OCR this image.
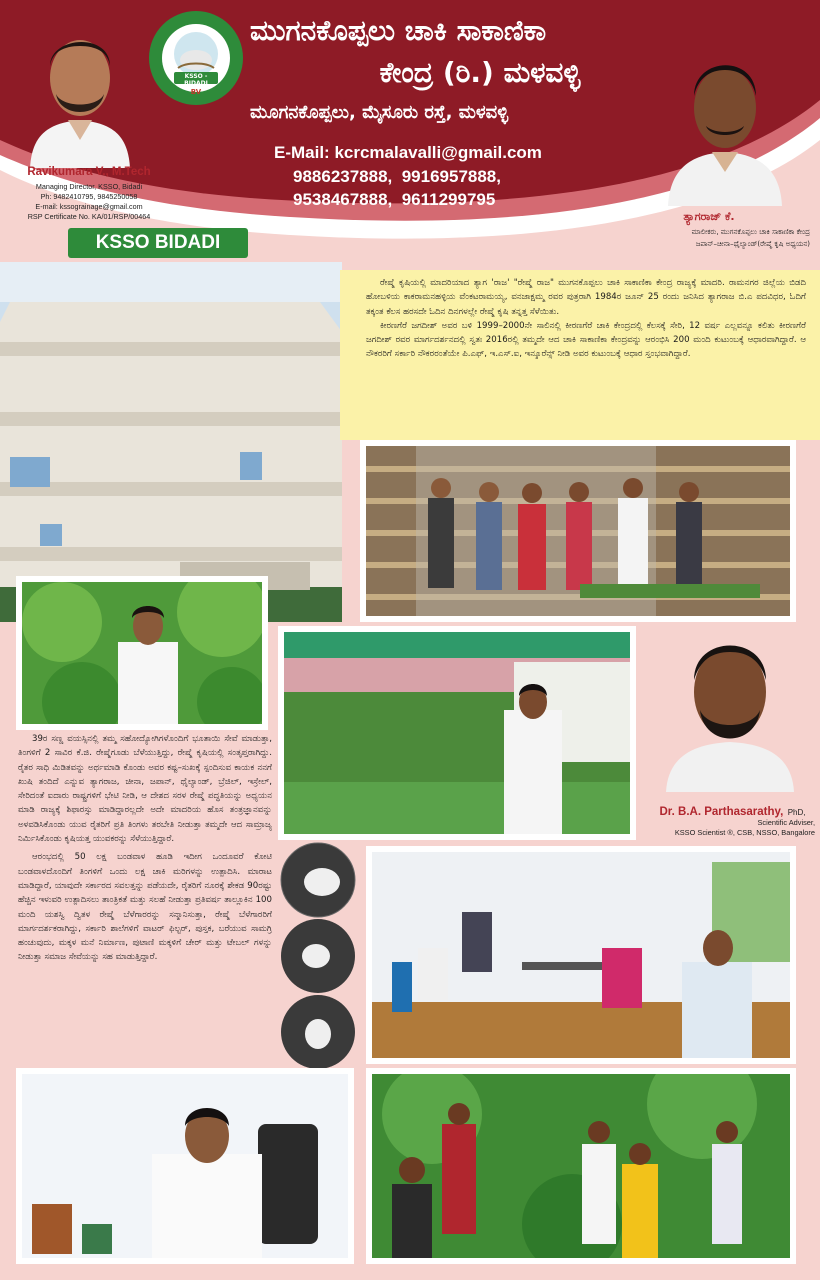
KSSO - BIDADI
BV
ಮುಗನಕೊಪ್ಪಲು ಚಾಕಿ ಸಾಕಾಣಿಕಾ
ಕೇಂದ್ರ (ರಿ.) ಮಳವಳ್ಳಿ
ಮೂಗನಕೊಪ್ಪಲು, ಮೈಸೂರು ರಸ್ತೆ, ಮಳವಳ್ಳಿ
E-Mail: kcrcmalavalli@gmail.com
9886237888,  9916957888,
9538467888,  9611299795
Ravikumara V., M.Tech
Managing Director, KSSO, Bidadi
Ph: 9482410795, 9845250058
E-mail: kssograinage@gmail.com
RSP Certificate No. KA/01/RSP/00464	ತ್ಯಾಗರಾಜ್ ಕೆ.
ಮಾಲೀಕರು, ಮುಗನಕೊಪ್ಪಲು ಚಾಕಿ ಸಾಕಾಣಿಕಾ ಕೇಂದ್ರ
ಜಪಾನ್–ಚೀನಾ–ಥೈಲ್ಯಾಂಡ್(ರೇಷ್ಮೆ ಕೃಷಿ ಅಧ್ಯಯನ)
KSSO BIDADI

ರೇಷ್ಮೆ ಕೃಷಿಯಲ್ಲಿ ಮಾದರಿಯಾದ ತ್ಯಾಗ 'ರಾಜ' "ರೇಷ್ಮೆ ರಾಜ" ಮುಗನಕೊಪ್ಪಲು ಚಾಕಿ ಸಾಕಾಣಿಕಾ ಕೇಂದ್ರ ರಾಜ್ಯಕ್ಕೆ ಮಾದರಿ. ರಾಮನಗರ ಜಿಲ್ಲೆಯ ಬಿಡದಿ ಹೋಬಳಿಯ ಕಾಕರಾಮನಹಳ್ಳಿಯ ವೆಂಕಟರಾಮಯ್ಯ, ವನಜಾಕ್ಷಮ್ಮ ರವರ ಪುತ್ರರಾಗಿ 1984ರ ಜೂನ್ 25 ರಂದು ಜನಿಸಿದ ತ್ಯಾಗರಾಜ ಬಿ.ಎ ಪದವಿಧರ, ಓದಿಗೆ ತಕ್ಕಂತ ಕೆಲಸ ಹರಸದೇ ಓದಿನ ದಿನಗಳಲ್ಲೇ ರೇಷ್ಮೆ ಕೃಷಿ ತನ್ನತ್ತ ಸೆಳೆಯಿತು.

ಕೀರಣಗೆರೆ ಜಗದೀಶ್ ಅವರ ಬಳಿ 1999–2000ನೇ ಸಾಲಿನಲ್ಲಿ ಕೀರಣಗೆರೆ ಚಾಕಿ ಕೇಂದ್ರದಲ್ಲಿ ಕೆಲಸಕ್ಕೆ ಸೇರಿ, 12 ವರ್ಷ ಎಲ್ಲವನ್ನೂ ಕಲಿತು ಕೀರಣಗೆರೆ ಜಗದೀಶ್ ರವರ ಮಾರ್ಗದರ್ಶನದಲ್ಲಿ ಸ್ವತಃ 2016ರಲ್ಲಿ ತಮ್ಮದೇ ಆದ ಚಾಕಿ ಸಾಕಾಣಿಕಾ ಕೇಂದ್ರವನ್ನು ಆರಂಭಿಸಿ 200 ಮಂದಿ ಕುಟುಂಬಕ್ಕೆ ಆಧಾರವಾಗಿದ್ದಾರೆ. ಆ ನೌಕರರಿಗೆ ಸರ್ಕಾರಿ ನೌಕರರಂತೆಯೇ ಪಿ.ಎಫ್, ಇ.ಎಸ್.ಐ, ಇನ್ಶೂರೆನ್ಸ್ ನೀಡಿ ಅವರ ಕುಟುಂಬಕ್ಕೆ ಆಧಾರ ಸ್ತಂಭವಾಗಿದ್ದಾರೆ.

Dr. B.A. Parthasarathy, PhD,
Scientific Adviser,
KSSO Scientist ®, CSB, NSSO, Bangalore

39ರ ಸಣ್ಣ ವಯಸ್ಸಿನಲ್ಲಿ ತಮ್ಮ ಸಹೋದ್ಯೋಗಿಗಳೊಂದಿಗೆ ಭೂತಾಯಿ ಸೇವೆ ಮಾಡುತ್ತಾ, ತಿಂಗಳಿಗೆ 2 ಸಾವಿರ ಕೆ.ಜಿ. ರೇಷ್ಮೆಗೂಡು ಬೆಳೆಯುತ್ತಿದ್ದು, ರೇಷ್ಮೆ ಕೃಷಿಯಲ್ಲಿ ಸಂತೃಪ್ತರಾಗಿದ್ದು. ರೈತರ ಸಾಧಿ ಮಿಡಿತವನ್ನು ಅರ್ಥಮಾಡಿ ಕೊಂಡು ಅವರ ಕಷ್ಟ–ಸುಖಕ್ಕೆ ಸ್ಪಂದಿಸುವ ಕಾಯಕ ನನಗೆ ಖುಷಿ ತಂದಿದೆ ಎನ್ನುವ ತ್ಯಾಗರಾಜ, ಚೀನಾ, ಜಪಾನ್, ಥೈಲ್ಯಾಂಡ್, ಬ್ರೆಜಿಲ್, ಇಸ್ರೇಲ್, ಸೇರಿದಂತೆ ಐದಾರು ರಾಷ್ಟ್ರಗಳಿಗೆ ಭೇಟಿ ನೀಡಿ, ಆ ದೇಶದ ಸರಳ ರೇಷ್ಮೆ ಪದ್ಧತಿಯನ್ನು ಅಧ್ಯಯನ ಮಾಡಿ ರಾಜ್ಯಕ್ಕೆ ಶಿಫಾರಸ್ಸು ಮಾಡಿದ್ದಾರಲ್ಲದೇ ಅದೇ ಮಾದರಿಯ ಹೊಸ ತಂತ್ರಜ್ಞಾನವನ್ನು ಅಳವಡಿಸಿಕೊಂಡು ಯುವ ರೈತರಿಗೆ ಪ್ರತಿ ತಿಂಗಳು ತರಬೇತಿ ನೀಡುತ್ತಾ ತಮ್ಮದೇ ಆದ ಸಾಮ್ರಾಜ್ಯ ನಿರ್ಮಿಸಿಕೊಂಡು ಕೃಷಿಯತ್ತ ಯುವಕರನ್ನು ಸೆಳೆಯುತ್ತಿದ್ದಾರೆ.

ಆರಂಭದಲ್ಲಿ 50 ಲಕ್ಷ ಬಂಡವಾಳ ಹೂಡಿ ಇದೀಗ ಒಂದೂವರೆ ಕೋಟಿ ಬಂಡವಾಳದೊಂದಿಗೆ ತಿಂಗಳಿಗೆ ಒಂದು ಲಕ್ಷ ಚಾಕಿ ಮರಿಗಳನ್ನು ಉತ್ಪಾದಿಸಿ. ಮಾರಾಟ ಮಾಡಿದ್ದಾರೆ, ಯಾವುದೇ ಸರ್ಕಾರದ ಸವಲತ್ತನ್ನು ಪಡೆಯದೇ, ರೈತರಿಗೆ ನೂರಕ್ಕೆ ಶೇಕಡ 90ರಷ್ಟು ಹೆಚ್ಚಿನ ಇಳುವರಿ ಉತ್ಪಾದಿಸಲು ತಾಂತ್ರಿಕತೆ ಮತ್ತು ಸಲಹೆ ನೀಡುತ್ತಾ ಪ್ರತಿವರ್ಷ ತಾಲ್ಲೂಕಿನ 100 ಮಂದಿ ಯಶಸ್ವಿ ದ್ವಿತಳ ರೇಷ್ಮೆ ಬೆಳೆಗಾರರನ್ನು ಸನ್ಮಾನಿಸುತ್ತಾ, ರೇಷ್ಮೆ ಬೆಳೆಗಾರರಿಗೆ ಮಾರ್ಗದರ್ಶಕರಾಗಿದ್ದು, ಸರ್ಕಾರಿ ಶಾಲೆಗಳಿಗೆ ವಾಟರ್ ಫಿಲ್ಟರ್, ಪುಸ್ತಕ, ಬರೆಯುವ ಸಾಮಗ್ರಿ ಹಂಚುವುದು, ಮಕ್ಕಳ ಮನೆ ನಿರ್ಮಾಣ, ಪುಟಾಣಿ ಮಕ್ಕಳಿಗೆ ಚೇರ್ ಮತ್ತು ಟೇಬಲ್ ಗಳನ್ನು ನೀಡುತ್ತಾ ಸಮಾಜ ಸೇವೆಯನ್ನು ಸಹ ಮಾಡುತ್ತಿದ್ದಾರೆ.
